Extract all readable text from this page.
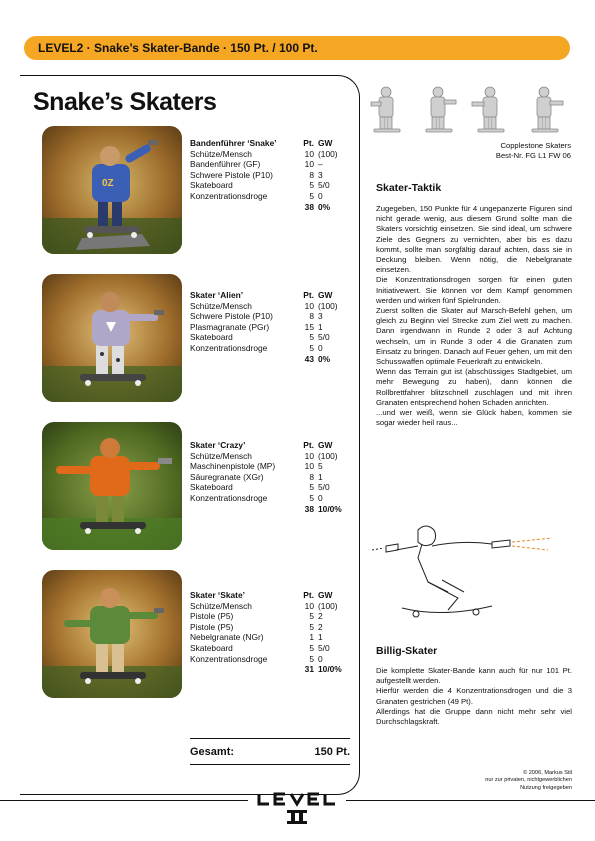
LEVEL2 · Snake’s Skater-Bande · 150 Pt. / 100 Pt.
Snake’s Skaters
0Z
Bandenführer ‘Snake’	Pt. GW
Schütze/Mensch	10 (100)
Bandenführer (GF)	10 –
Schwere Pistole (P10)	8 3
Skateboard	5 5/0
Konzentrationsdroge	5 0
38 0%
Skater ‘Alien’	Pt. GW
Schütze/Mensch	10 (100)
Schwere Pistole (P10)	8 3
Plasmagranate (PGr)	15 1
Skateboard	5 5/0
Konzentrationsdroge	5 0
43 0%
Skater ‘Crazy’	Pt. GW
Schütze/Mensch	10 (100)
Maschinenpistole (MP)	10 5
Säuregranate (XGr)	8 1
Skateboard	5 5/0
Konzentrationsdroge	5 0
38 10/0%
Skater ‘Skate’	Pt. GW
Schütze/Mensch	10 (100)
Pistole (P5)	5 2
Pistole (P5)	5 2
Nebelgranate (NGr)	1 1
Skateboard	5 5/0
Konzentrationsdroge	5 0
31 10/0%
Gesamt:	150 Pt.
Copplestone Skaters
Best-Nr. FG L1 FW 06
Skater-Taktik

Zugegeben, 150 Punkte für 4 ungepanzerte Figuren sind nicht gerade wenig, aus diesem Grund sollte man die Skaters vorsichtig einsetzen. Sie sind ideal, um schwere Ziele des Gegners zu vernichten, aber bis es dazu kommt, sollte man sorgfältig darauf achten, dass sie in Deckung bleiben. Wenn nötig, die Nebelgranate einsetzen.

Die Konzentrationsdrogen sorgen für einen guten Initiativewert. Sie können vor dem Kampf genommen werden und wirken fünf Spielrunden.

Zuerst sollten die Skater auf Marsch-Befehl gehen, um gleich zu Beginn viel Strecke zum Ziel wett zu machen. Dann irgendwann in Runde 2 oder 3 auf Achtung wechseln, um in Runde 3 oder 4 die Granaten zum Einsatz zu bringen. Danach auf Feuer gehen, um mit den Schusswaffen optimale Feuerkraft zu entwickeln.

Wenn das Terrain gut ist (abschüssiges Stadtgebiet, um mehr Bewegung zu haben), dann können die Rollbrettfahrer blitzschnell zuschlagen und mit ihren Granaten entsprechend hohen Schaden anrichten.

...und wer weiß, wenn sie Glück haben, kommen sie sogar wieder heil raus...

Billig-Skater

Die komplette Skater-Bande kann auch für nur 101 Pt. aufgestellt werden.

Hierfür werden die 4 Konzentrationsdrogen und die 3 Granaten gestrichen (49 Pt).

Allerdings hat die Gruppe dann nicht mehr sehr viel Durchschlagskraft.

© 2006, Markus Stil
nur zur privaten, nichtgewerblichen
Nutzung freigegeben
